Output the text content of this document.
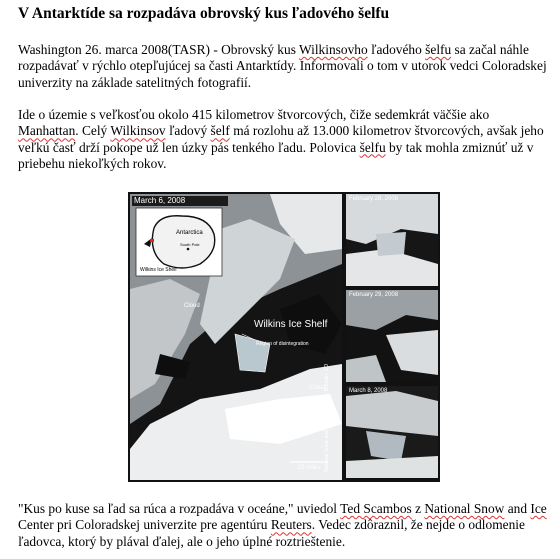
V Antarktíde sa rozpadáva obrovský kus ľadového šelfu

Washington 26. marca 2008(TASR) - Obrovský kus Wilkinsovho ľadového šelfu sa začal náhle rozpadávať v rýchlo otepľujúcej sa časti Antarktídy. Informovali o tom v utorok vedci Coloradskej univerzity na základe satelitných fotografií.

Ide o územie s veľkosťou okolo 415 kilometrov štvorcových, čiže sedemkrát väčšie ako Manhattan. Celý Wilkinsov ľadový šelf má rozlohu až 13.000 kilometrov štvorcových, avšak jeho veľkú časť drží pokope už len úzky pás tenkého ľadu. Polovica šelfu by tak mohla zmiznúť už v priebehu niekoľkých rokov.

March 6, 2008
Antarctica
South Pole
Wilkins Ice Shelf
Cloud
Cloud
Wilkins Ice Shelf
Region of disintegration
25 miles National Snow and Ice Data Center, Boulder, CO
February 28, 2008
February 29, 2008
March 8, 2008

"Kus po kuse sa ľad sa rúca a rozpadáva v oceáne," uviedol Ted Scambos z National Snow and Ice Center pri Coloradskej univerzite pre agentúru Reuters. Vedec zdôraznil, že nejde o odlomenie ľadovca, ktorý by plával ďalej, ale o jeho úplné roztrieštenie.
